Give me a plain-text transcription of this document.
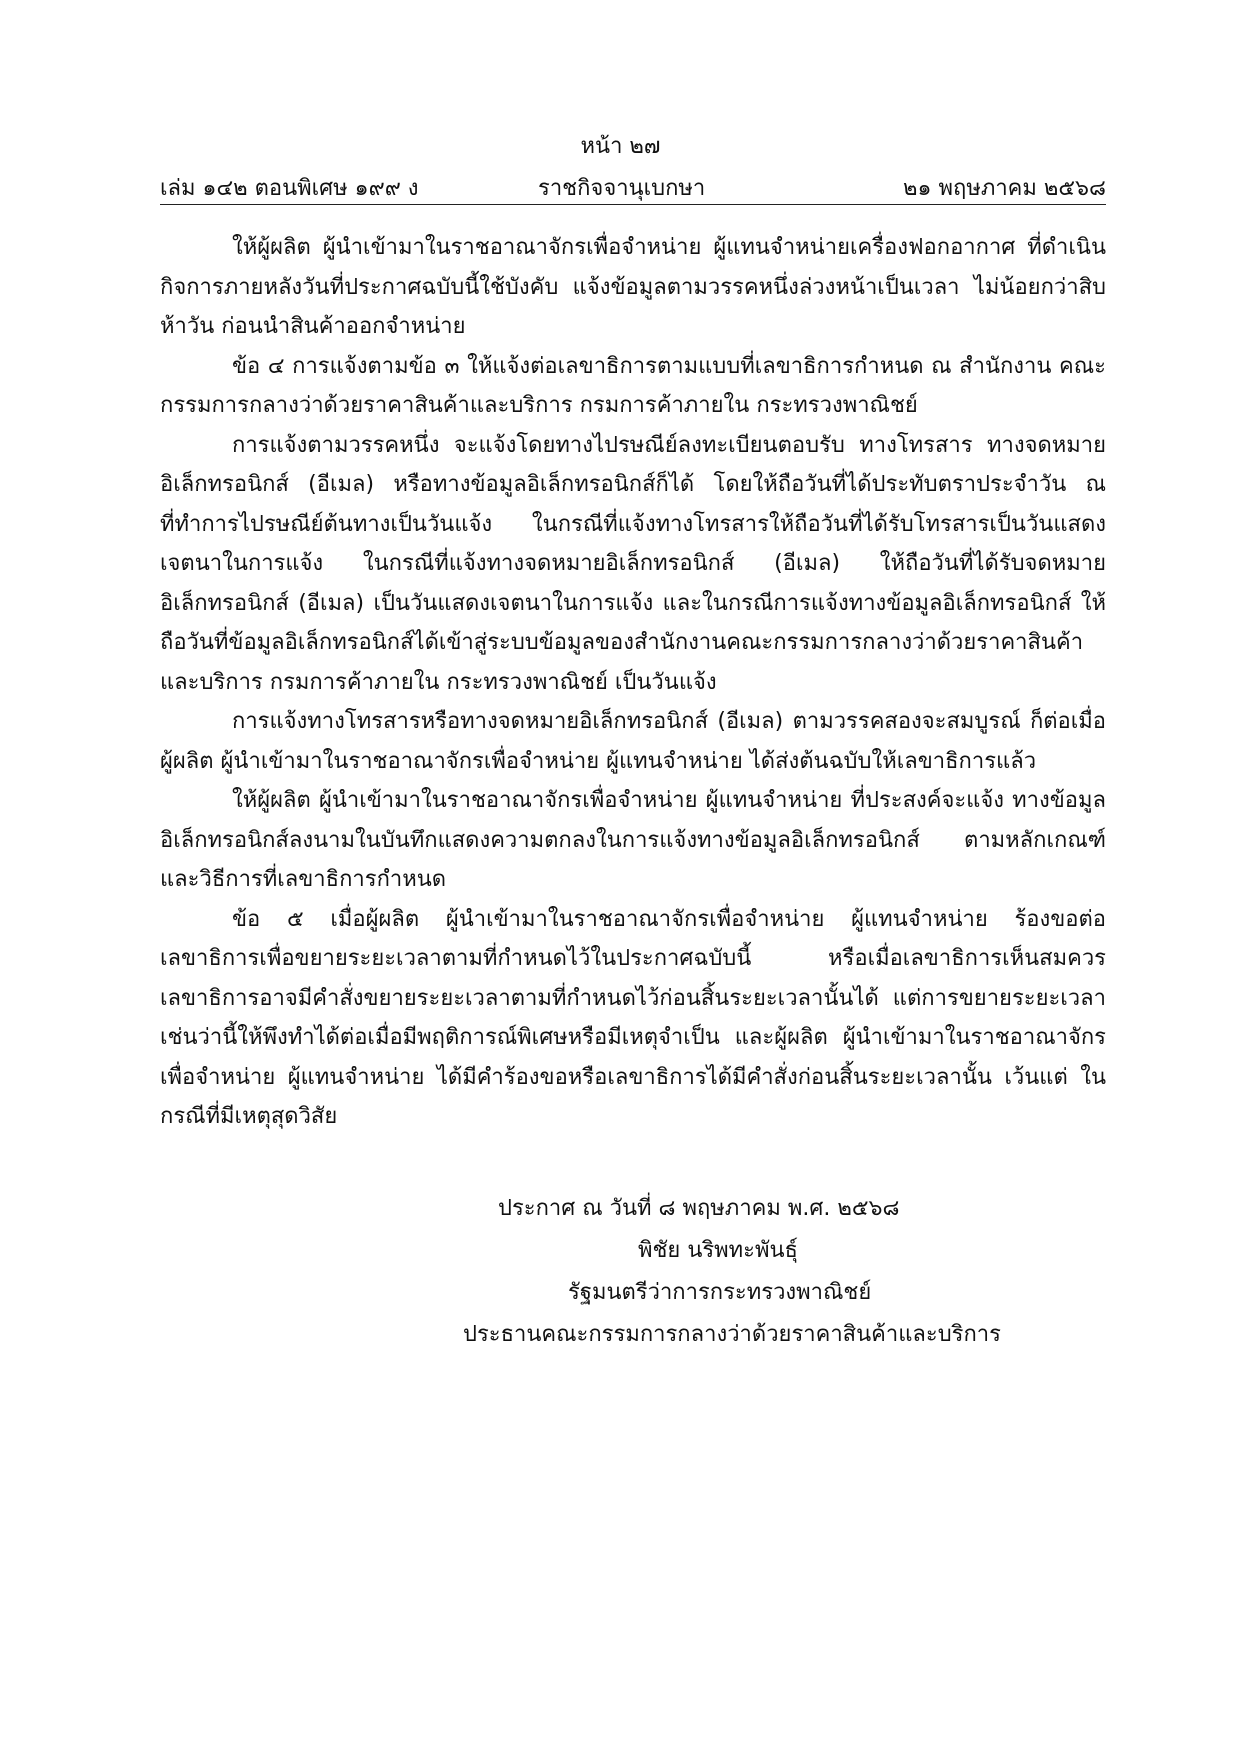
หน้า ๒๗
เล่ม ๑๔๒ ตอนพิเศษ ๑๙๙ ง	ราชกิจจานุเบกษา	๒๑ พฤษภาคม ๒๕๖๘

ให้ผู้ผลิต ผู้นำเข้ามาในราชอาณาจักรเพื่อจำหน่าย ผู้แทนจำหน่ายเครื่องฟอกอากาศ ที่ดำเนินกิจการภายหลังวันที่ประกาศฉบับนี้ใช้บังคับ แจ้งข้อมูลตามวรรคหนึ่งล่วงหน้าเป็นเวลา ไม่น้อยกว่าสิบห้าวัน ก่อนนำสินค้าออกจำหน่าย

ข้อ ๔ การแจ้งตามข้อ ๓ ให้แจ้งต่อเลขาธิการตามแบบที่เลขาธิการกำหนด ณ สำนักงาน คณะกรรมการกลางว่าด้วยราคาสินค้าและบริการ กรมการค้าภายใน กระทรวงพาณิชย์

การแจ้งตามวรรคหนึ่ง จะแจ้งโดยทางไปรษณีย์ลงทะเบียนตอบรับ ทางโทรสาร ทางจดหมาย อิเล็กทรอนิกส์ (อีเมล) หรือทางข้อมูลอิเล็กทรอนิกส์ก็ได้ โดยให้ถือวันที่ได้ประทับตราประจำวัน ณ ที่ทำการไปรษณีย์ต้นทางเป็นวันแจ้ง ในกรณีที่แจ้งทางโทรสารให้ถือวันที่ได้รับโทรสารเป็นวันแสดง เจตนาในการแจ้ง ในกรณีที่แจ้งทางจดหมายอิเล็กทรอนิกส์ (อีเมล) ให้ถือวันที่ได้รับจดหมาย อิเล็กทรอนิกส์ (อีเมล) เป็นวันแสดงเจตนาในการแจ้ง และในกรณีการแจ้งทางข้อมูลอิเล็กทรอนิกส์ ให้ถือวันที่ข้อมูลอิเล็กทรอนิกส์ได้เข้าสู่ระบบข้อมูลของสำนักงานคณะกรรมการกลางว่าด้วยราคาสินค้า และบริการ กรมการค้าภายใน กระทรวงพาณิชย์ เป็นวันแจ้ง

การแจ้งทางโทรสารหรือทางจดหมายอิเล็กทรอนิกส์ (อีเมล) ตามวรรคสองจะสมบูรณ์ ก็ต่อเมื่อผู้ผลิต ผู้นำเข้ามาในราชอาณาจักรเพื่อจำหน่าย ผู้แทนจำหน่าย ได้ส่งต้นฉบับให้เลขาธิการแล้ว

ให้ผู้ผลิต ผู้นำเข้ามาในราชอาณาจักรเพื่อจำหน่าย ผู้แทนจำหน่าย ที่ประสงค์จะแจ้ง ทางข้อมูลอิเล็กทรอนิกส์ลงนามในบันทึกแสดงความตกลงในการแจ้งทางข้อมูลอิเล็กทรอนิกส์ ตามหลักเกณฑ์และวิธีการที่เลขาธิการกำหนด

ข้อ ๕ เมื่อผู้ผลิต ผู้นำเข้ามาในราชอาณาจักรเพื่อจำหน่าย ผู้แทนจำหน่าย ร้องขอต่อ เลขาธิการเพื่อขยายระยะเวลาตามที่กำหนดไว้ในประกาศฉบับนี้ หรือเมื่อเลขาธิการเห็นสมควร เลขาธิการอาจมีคำสั่งขยายระยะเวลาตามที่กำหนดไว้ก่อนสิ้นระยะเวลานั้นได้ แต่การขยายระยะเวลา เช่นว่านี้ให้พึงทำได้ต่อเมื่อมีพฤติการณ์พิเศษหรือมีเหตุจำเป็น และผู้ผลิต ผู้นำเข้ามาในราชอาณาจักร เพื่อจำหน่าย ผู้แทนจำหน่าย ได้มีคำร้องขอหรือเลขาธิการได้มีคำสั่งก่อนสิ้นระยะเวลานั้น เว้นแต่ ในกรณีที่มีเหตุสุดวิสัย

ประกาศ ณ วันที่ ๘ พฤษภาคม พ.ศ. ๒๕๖๘
พิชัย นริพทะพันธุ์
รัฐมนตรีว่าการกระทรวงพาณิชย์
ประธานคณะกรรมการกลางว่าด้วยราคาสินค้าและบริการ
